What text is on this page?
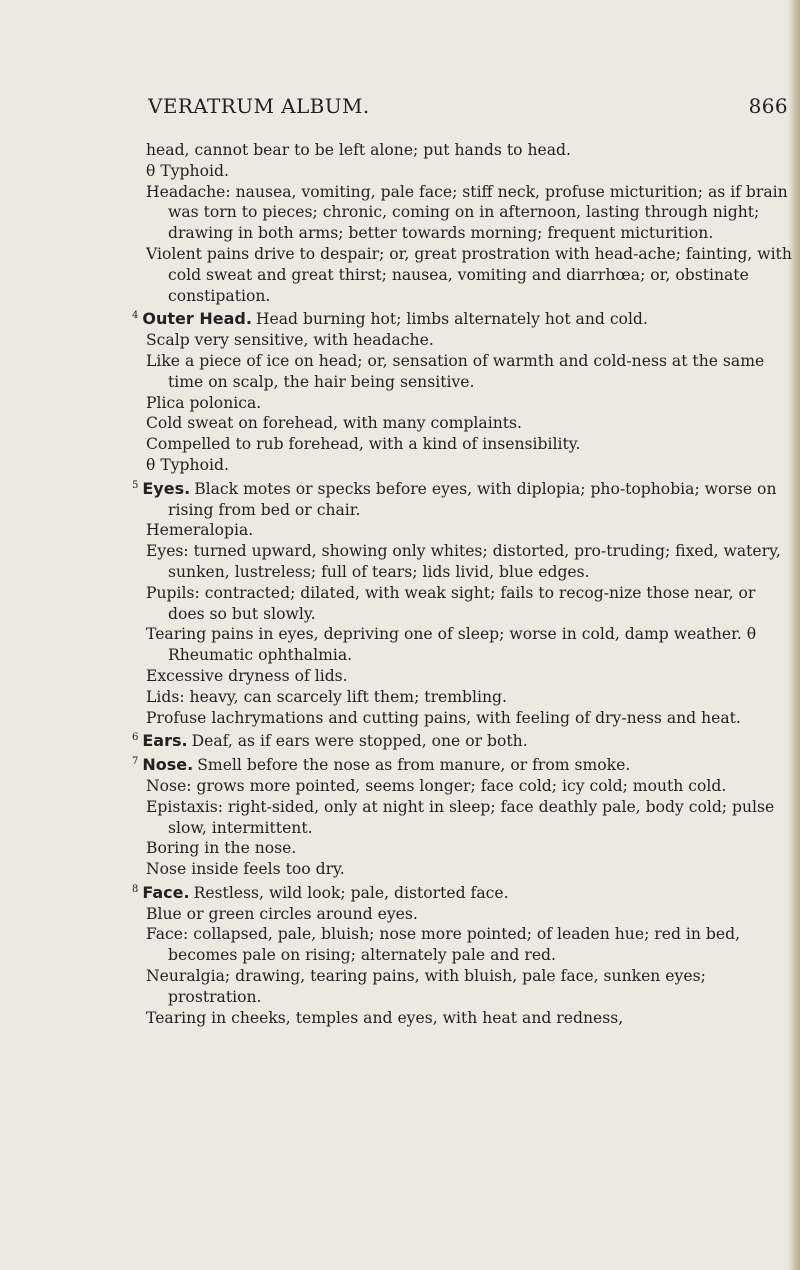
VERATRUM ALBUM.	866

head, cannot bear to be left alone; put hands to head.

θ Typhoid.

Headache: nausea, vomiting, pale face; stiff neck, profuse micturition; as if brain was torn to pieces; chronic, coming on in afternoon, lasting through night; drawing in both arms; better towards morning; frequent micturition.

Violent pains drive to despair; or, great prostration with head-ache; fainting, with cold sweat and great thirst; nausea, vomiting and diarrhœa; or, obstinate constipation.

$^4$ Outer Head. Head burning hot; limbs alternately hot and cold.

Scalp very sensitive, with headache.

Like a piece of ice on head; or, sensation of warmth and cold-ness at the same time on scalp, the hair being sensitive.

Plica polonica.

Cold sweat on forehead, with many complaints.

Compelled to rub forehead, with a kind of insensibility.

θ Typhoid.

$^5$ Eyes. Black motes or specks before eyes, with diplopia; pho-tophobia; worse on rising from bed or chair.

Hemeralopia.

Eyes: turned upward, showing only whites; distorted, pro-truding; fixed, watery, sunken, lustreless; full of tears; lids livid, blue edges.

Pupils: contracted; dilated, with weak sight; fails to recog-nize those near, or does so but slowly.

Tearing pains in eyes, depriving one of sleep; worse in cold, damp weather. θ Rheumatic ophthalmia.

Excessive dryness of lids.

Lids: heavy, can scarcely lift them; trembling.

Profuse lachrymations and cutting pains, with feeling of dry-ness and heat.

$^6$ Ears. Deaf, as if ears were stopped, one or both.

$^7$ Nose. Smell before the nose as from manure, or from smoke.

Nose: grows more pointed, seems longer; face cold; icy cold; mouth cold.

Epistaxis: right-sided, only at night in sleep; face deathly pale, body cold; pulse slow, intermittent.

Boring in the nose.

Nose inside feels too dry.

$^8$ Face. Restless, wild look; pale, distorted face.

Blue or green circles around eyes.

Face: collapsed, pale, bluish; nose more pointed; of leaden hue; red in bed, becomes pale on rising; alternately pale and red.

Neuralgia; drawing, tearing pains, with bluish, pale face, sunken eyes; prostration.

Tearing in cheeks, temples and eyes, with heat and redness,
